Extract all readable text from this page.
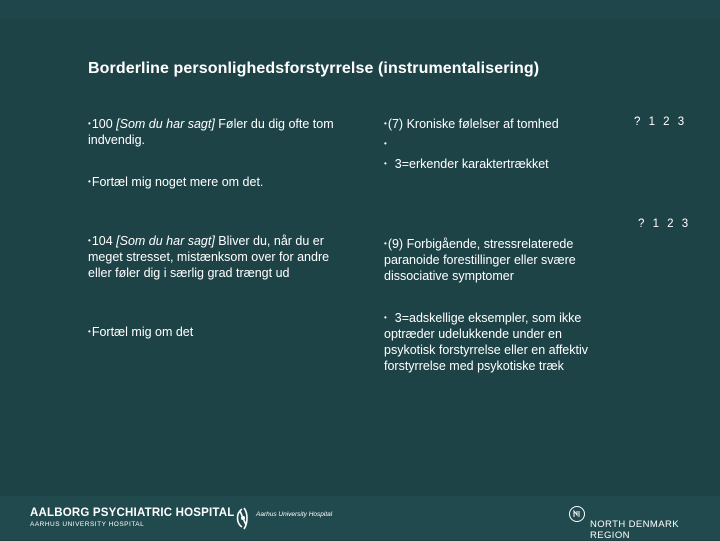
Borderline personlighedsforstyrrelse (instrumentalisering)
•100 [Som du har sagt] Føler du dig ofte tom indvendig.
•Fortæl mig noget mere om det.
•104 [Som du har sagt] Bliver du, når du er meget stresset, mistænksom over for andre eller føler dig i særlig grad trængt ud
•Fortæl mig om det
•(7) Kroniske følelser af tomhed
•
• 3=erkender karaktertrækket
? 1 2 3
? 1 2 3
•(9) Forbigående, stressrelaterede paranoide forestillinger eller svære dissociative symptomer
• 3=adskellige eksempler, som ikke optræder udelukkende under en psykotisk forstyrrelse eller en affektiv forstyrrelse med psykotiske træk
AALBORG PSYCHIATRIC HOSPITAL
AARHUS UNIVERSITY HOSPITAL
Aarhus University Hospital
NORTH DENMARK REGION
